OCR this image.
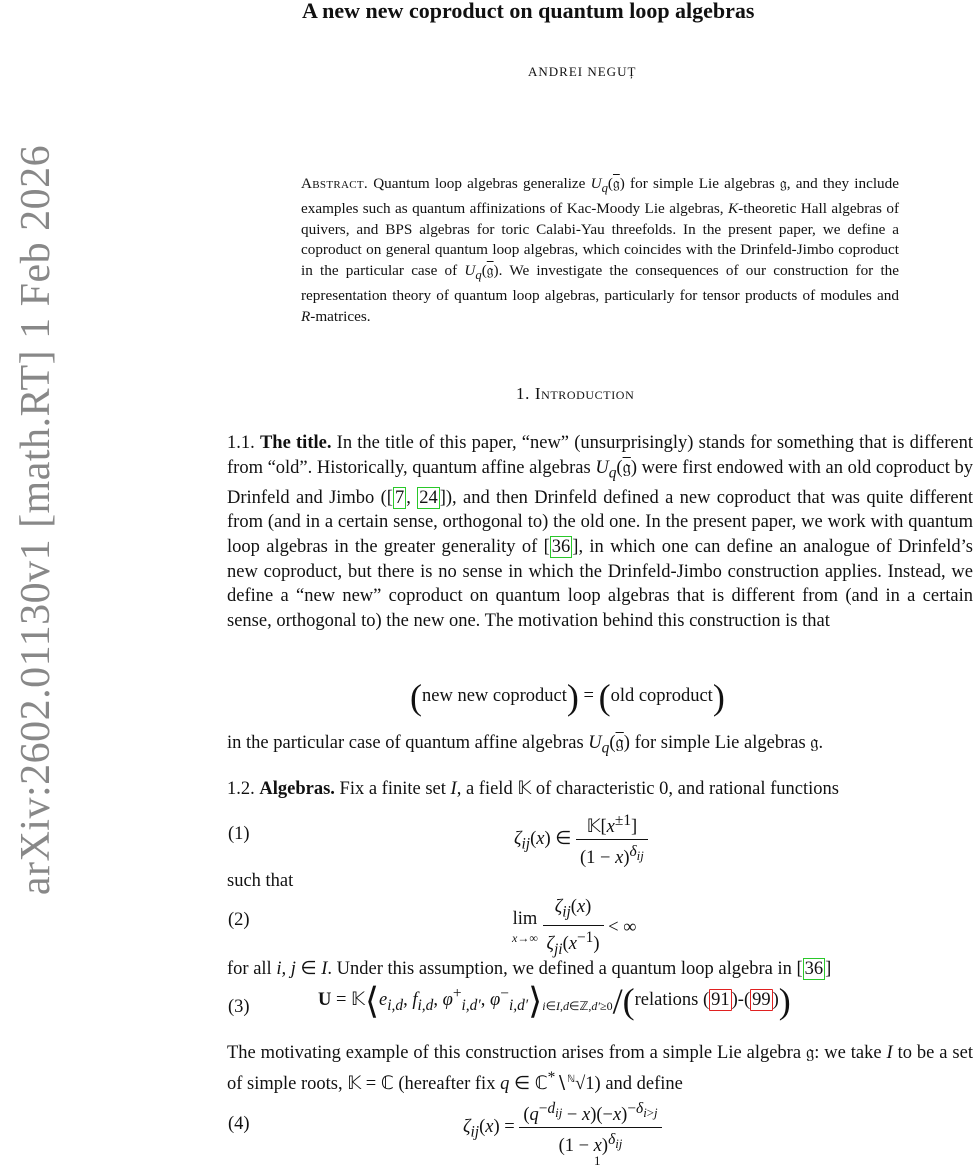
arXiv:2602.01130v1 [math.RT] 1 Feb 2026
A new new coproduct on quantum loop algebras
ANDREI NEGUȚ
Abstract. Quantum loop algebras generalize $U_q(𝔤)$ for simple Lie algebras 𝔤, and they include examples such as quantum affinizations of Kac-Moody Lie algebras, K-theoretic Hall algebras of quivers, and BPS algebras for toric Calabi-Yau threefolds. In the present paper, we define a coproduct on general quantum loop algebras, which coincides with the Drinfeld-Jimbo coproduct in the particular case of $U_q(𝔤)$. We investigate the consequences of our construction for the representation theory of quantum loop algebras, particularly for tensor products of modules and R-matrices.
1. Introduction
1.1. The title. In the title of this paper, “new” (unsurprisingly) stands for something that is different from “old”. Historically, quantum affine algebras $U_q(𝔤)$ were first endowed with an old coproduct by Drinfeld and Jimbo ([ 7 , 24 ]), and then Drinfeld defined a new coproduct that was quite different from (and in a certain sense, orthogonal to) the old one. In the present paper, we work with quantum loop algebras in the greater generality of [ 36 ], in which one can define an analogue of Drinfeld’s new coproduct, but there is no sense in which the Drinfeld-Jimbo construction applies. Instead, we define a “new new” coproduct on quantum loop algebras that is different from (and in a certain sense, orthogonal to) the new one. The motivation behind this construction is that
(new new coproduct) = (old coproduct)
in the particular case of quantum affine algebras $U_q(𝔤)$ for simple Lie algebras 𝔤.
1.2. Algebras. Fix a finite set I, a field 𝕂 of characteristic 0, and rational functions
(1)	$\zeta_{ij}(x)$ ∈ $\frac{𝕂[x^{\pm 1}]}{(1 - x)^{\delta_{ij}}}$
such that
(2)	lim
$x\to\infty \frac{\zeta_{ij}(x)}{\zeta_{ji}(x^{-1})}$ < ∞
for all i, j ∈ I. Under this assumption, we defined a quantum loop algebra in [ 36 ]
(3)	$U = 𝕂⟨e_{i,d}$, $f_{i,d}$, $\varphi^+_{i,d'}$, $\varphi^-_{i,d'}⟩_{i\in I,d\in ℤ,d'\ge 0}/(relations$ ( 91 )-( 99 ))
The motivating example of this construction arises from a simple Lie algebra 𝔤: we take I to be a set of simple roots, 𝕂 = ℂ (hereafter fix q ∈ ℂ*∖$^ℕ$√1) and define
(4)	$\zeta_{ij}(x) = \frac{(q^{-d_{ij}} - x)(-x)^{-\delta_{i>j}}}{(1 - x)^{\delta_{ij}}}$
1
